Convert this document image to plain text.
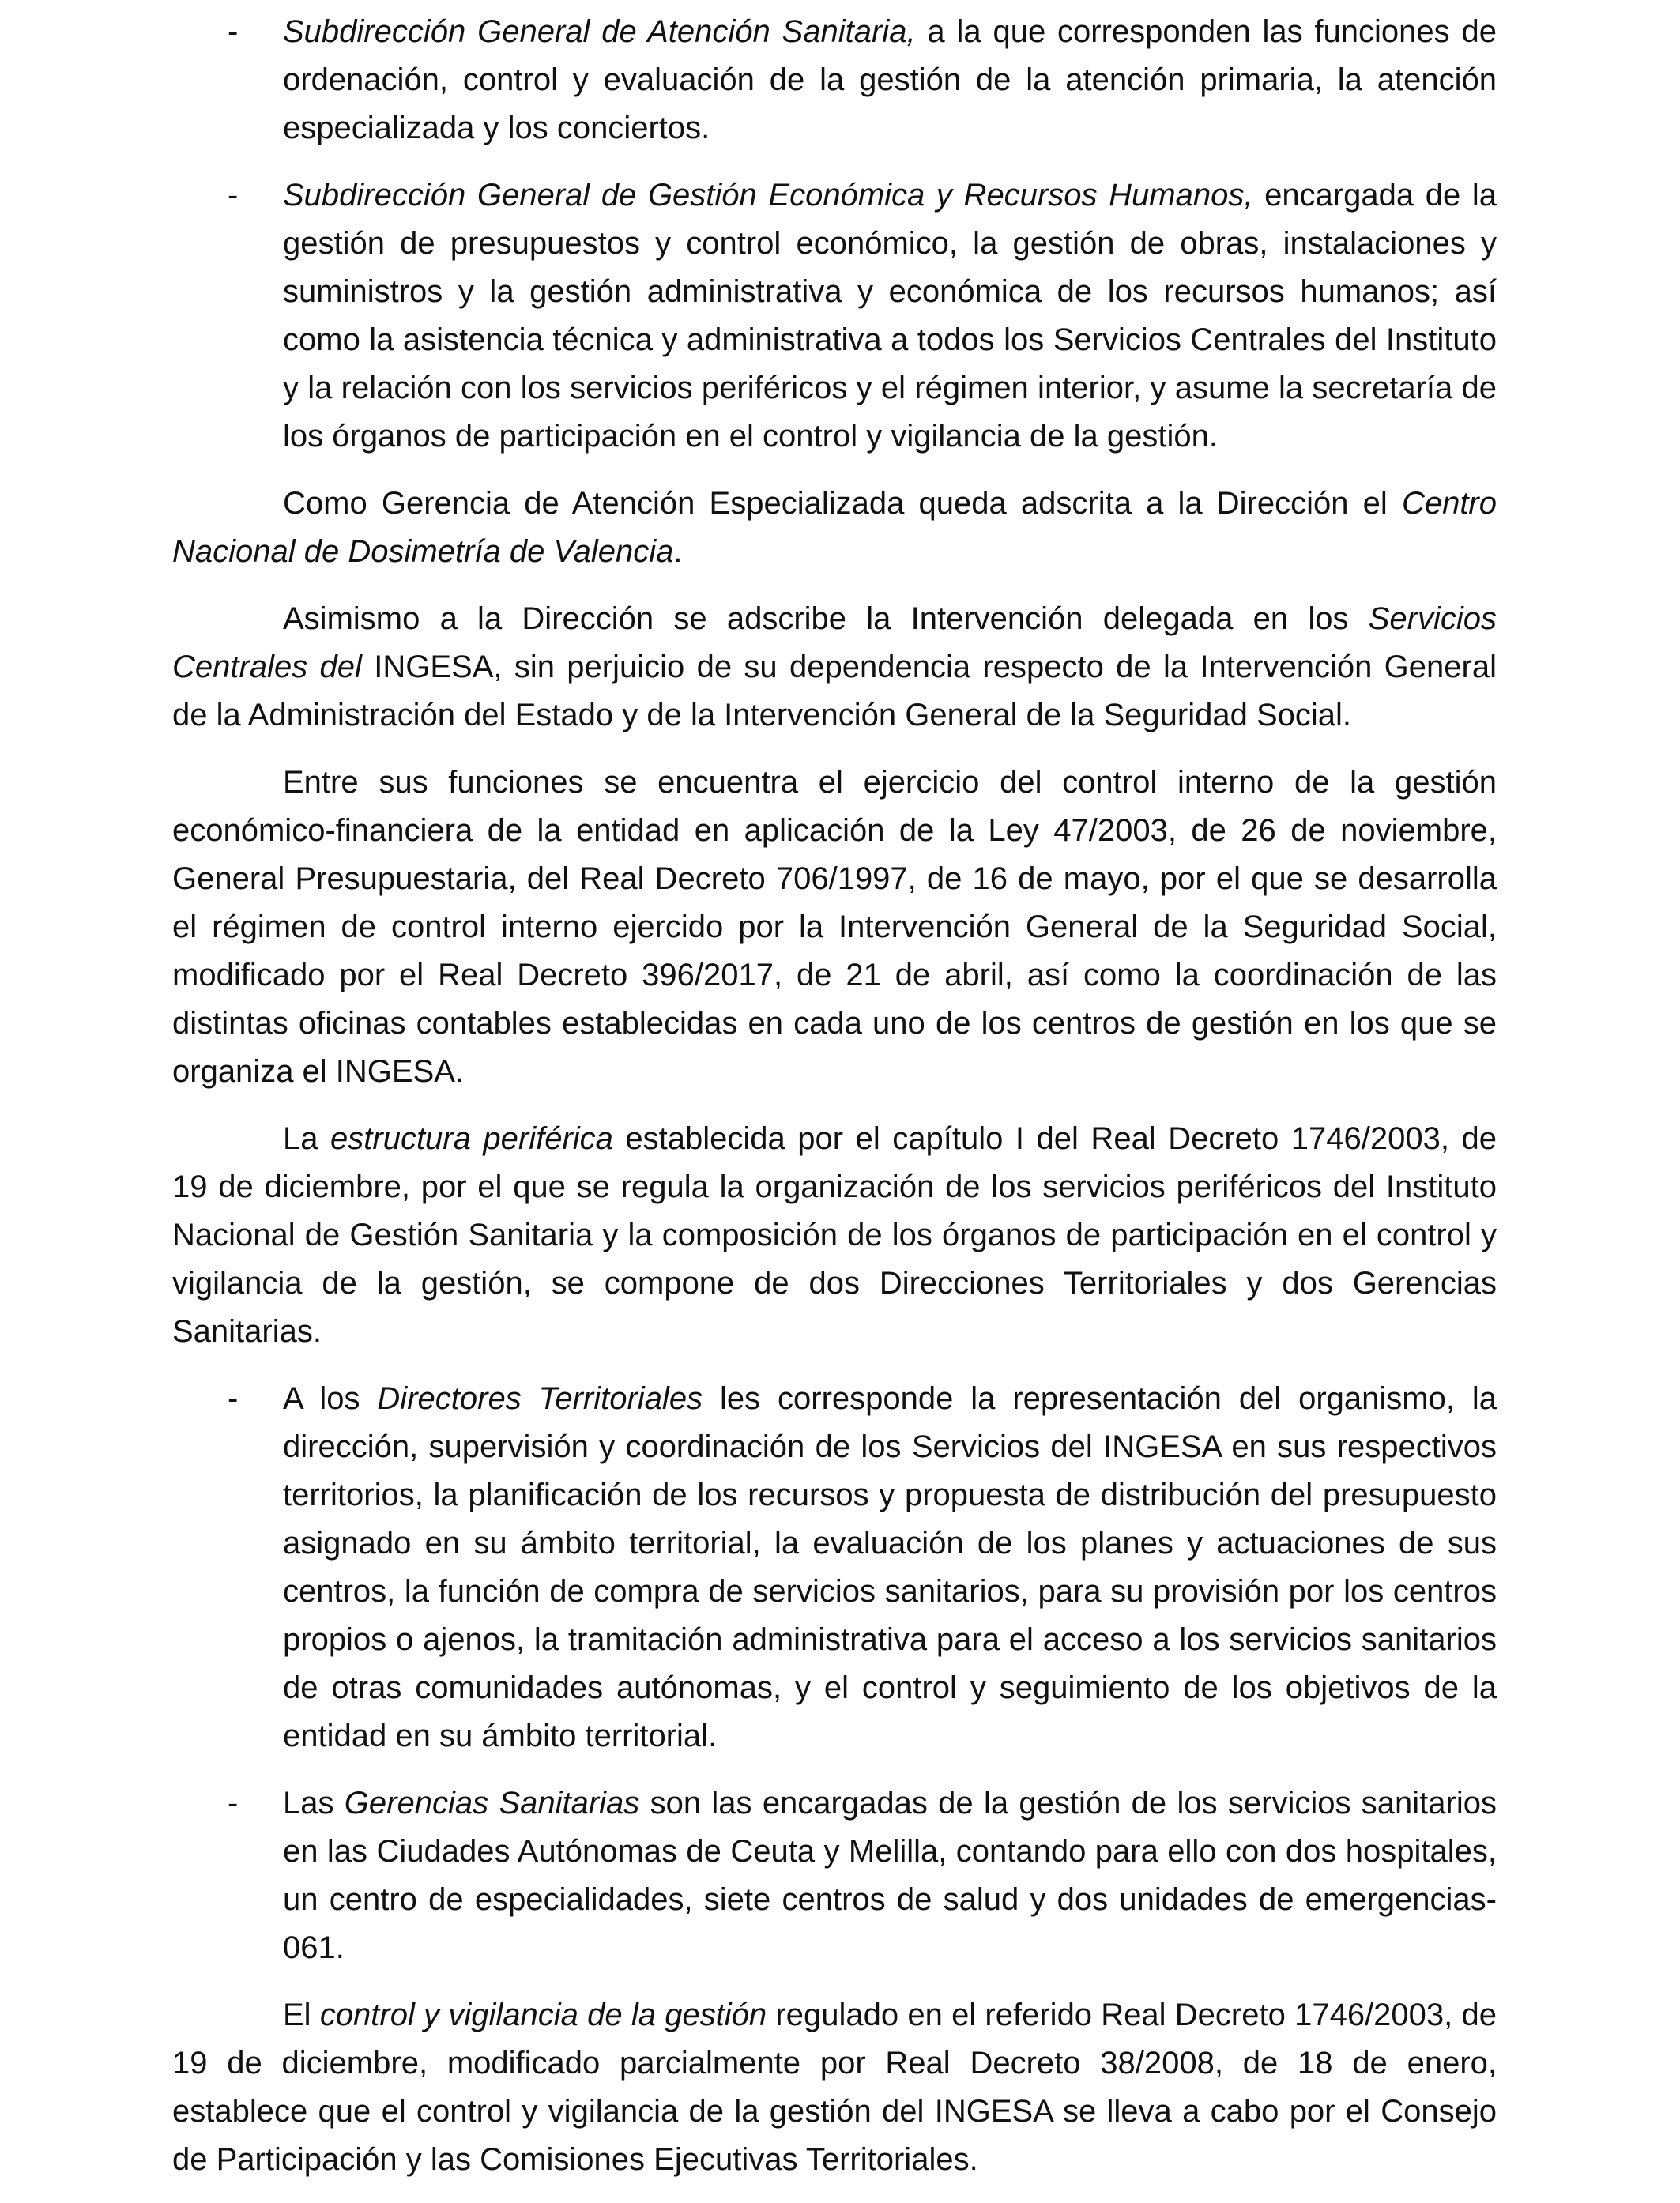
- Subdirección General de Atención Sanitaria, a la que corresponden las funciones de ordenación, control y evaluación de la gestión de la atención primaria, la atención especializada y los conciertos.

- Subdirección General de Gestión Económica y Recursos Humanos, encargada de la gestión de presupuestos y control económico, la gestión de obras, instalaciones y suministros y la gestión administrativa y económica de los recursos humanos; así como la asistencia técnica y administrativa a todos los Servicios Centrales del Instituto y la relación con los servicios periféricos y el régimen interior, y asume la secretaría de los órganos de participación en el control y vigilancia de la gestión.

Como Gerencia de Atención Especializada queda adscrita a la Dirección el Centro Nacional de Dosimetría de Valencia.

Asimismo a la Dirección se adscribe la Intervención delegada en los Servicios Centrales del INGESA, sin perjuicio de su dependencia respecto de la Intervención General de la Administración del Estado y de la Intervención General de la Seguridad Social.

Entre sus funciones se encuentra el ejercicio del control interno de la gestión económico-financiera de la entidad en aplicación de la Ley 47/2003, de 26 de noviembre, General Presupuestaria, del Real Decreto 706/1997, de 16 de mayo, por el que se desarrolla el régimen de control interno ejercido por la Intervención General de la Seguridad Social, modificado por el Real Decreto 396/2017, de 21 de abril, así como la coordinación de las distintas oficinas contables establecidas en cada uno de los centros de gestión en los que se organiza el INGESA.

La estructura periférica establecida por el capítulo I del Real Decreto 1746/2003, de 19 de diciembre, por el que se regula la organización de los servicios periféricos del Instituto Nacional de Gestión Sanitaria y la composición de los órganos de participación en el control y vigilancia de la gestión, se compone de dos Direcciones Territoriales y dos Gerencias Sanitarias.

- A los Directores Territoriales les corresponde la representación del organismo, la dirección, supervisión y coordinación de los Servicios del INGESA en sus respectivos territorios, la planificación de los recursos y propuesta de distribución del presupuesto asignado en su ámbito territorial, la evaluación de los planes y actuaciones de sus centros, la función de compra de servicios sanitarios, para su provisión por los centros propios o ajenos, la tramitación administrativa para el acceso a los servicios sanitarios de otras comunidades autónomas, y el control y seguimiento de los objetivos de la entidad en su ámbito territorial.

- Las Gerencias Sanitarias son las encargadas de la gestión de los servicios sanitarios en las Ciudades Autónomas de Ceuta y Melilla, contando para ello con dos hospitales, un centro de especialidades, siete centros de salud y dos unidades de emergencias-061.

El control y vigilancia de la gestión regulado en el referido Real Decreto 1746/2003, de 19 de diciembre, modificado parcialmente por Real Decreto 38/2008, de 18 de enero, establece que el control y vigilancia de la gestión del INGESA se lleva a cabo por el Consejo de Participación y las Comisiones Ejecutivas Territoriales.
